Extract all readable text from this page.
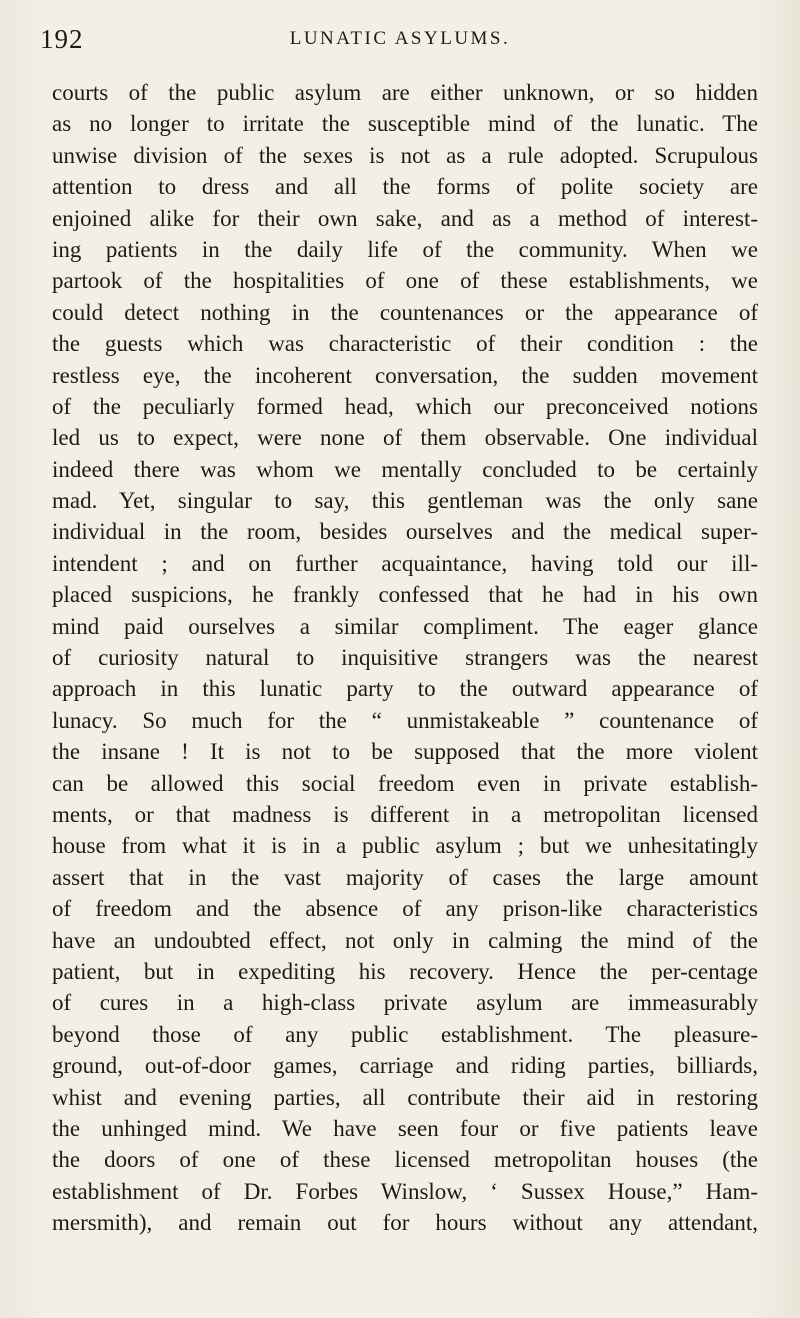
192	LUNATIC ASYLUMS.
courts of the public asylum are either unknown, or so hidden
as no longer to irritate the susceptible mind of the lunatic. The
unwise division of the sexes is not as a rule adopted. Scrupulous
attention to dress and all the forms of polite society are
enjoined alike for their own sake, and as a method of interest-
ing patients in the daily life of the community. When we
partook of the hospitalities of one of these establishments, we
could detect nothing in the countenances or the appearance of
the guests which was characteristic of their condition : the
restless eye, the incoherent conversation, the sudden movement
of the peculiarly formed head, which our preconceived notions
led us to expect, were none of them observable. One individual
indeed there was whom we mentally concluded to be certainly
mad. Yet, singular to say, this gentleman was the only sane
individual in the room, besides ourselves and the medical super-
intendent ; and on further acquaintance, having told our ill-
placed suspicions, he frankly confessed that he had in his own
mind paid ourselves a similar compliment. The eager glance
of curiosity natural to inquisitive strangers was the nearest
approach in this lunatic party to the outward appearance of
lunacy. So much for the “ unmistakeable ” countenance of
the insane ! It is not to be supposed that the more violent
can be allowed this social freedom even in private establish-
ments, or that madness is different in a metropolitan licensed
house from what it is in a public asylum ; but we unhesitatingly
assert that in the vast majority of cases the large amount
of freedom and the absence of any prison-like characteristics
have an undoubted effect, not only in calming the mind of the
patient, but in expediting his recovery. Hence the per-centage
of cures in a high-class private asylum are immeasurably
beyond those of any public establishment. The pleasure-
ground, out-of-door games, carriage and riding parties, billiards,
whist and evening parties, all contribute their aid in restoring
the unhinged mind. We have seen four or five patients leave
the doors of one of these licensed metropolitan houses (the
establishment of Dr. Forbes Winslow, ‘ Sussex House,” Ham-
mersmith), and remain out for hours without any attendant,
